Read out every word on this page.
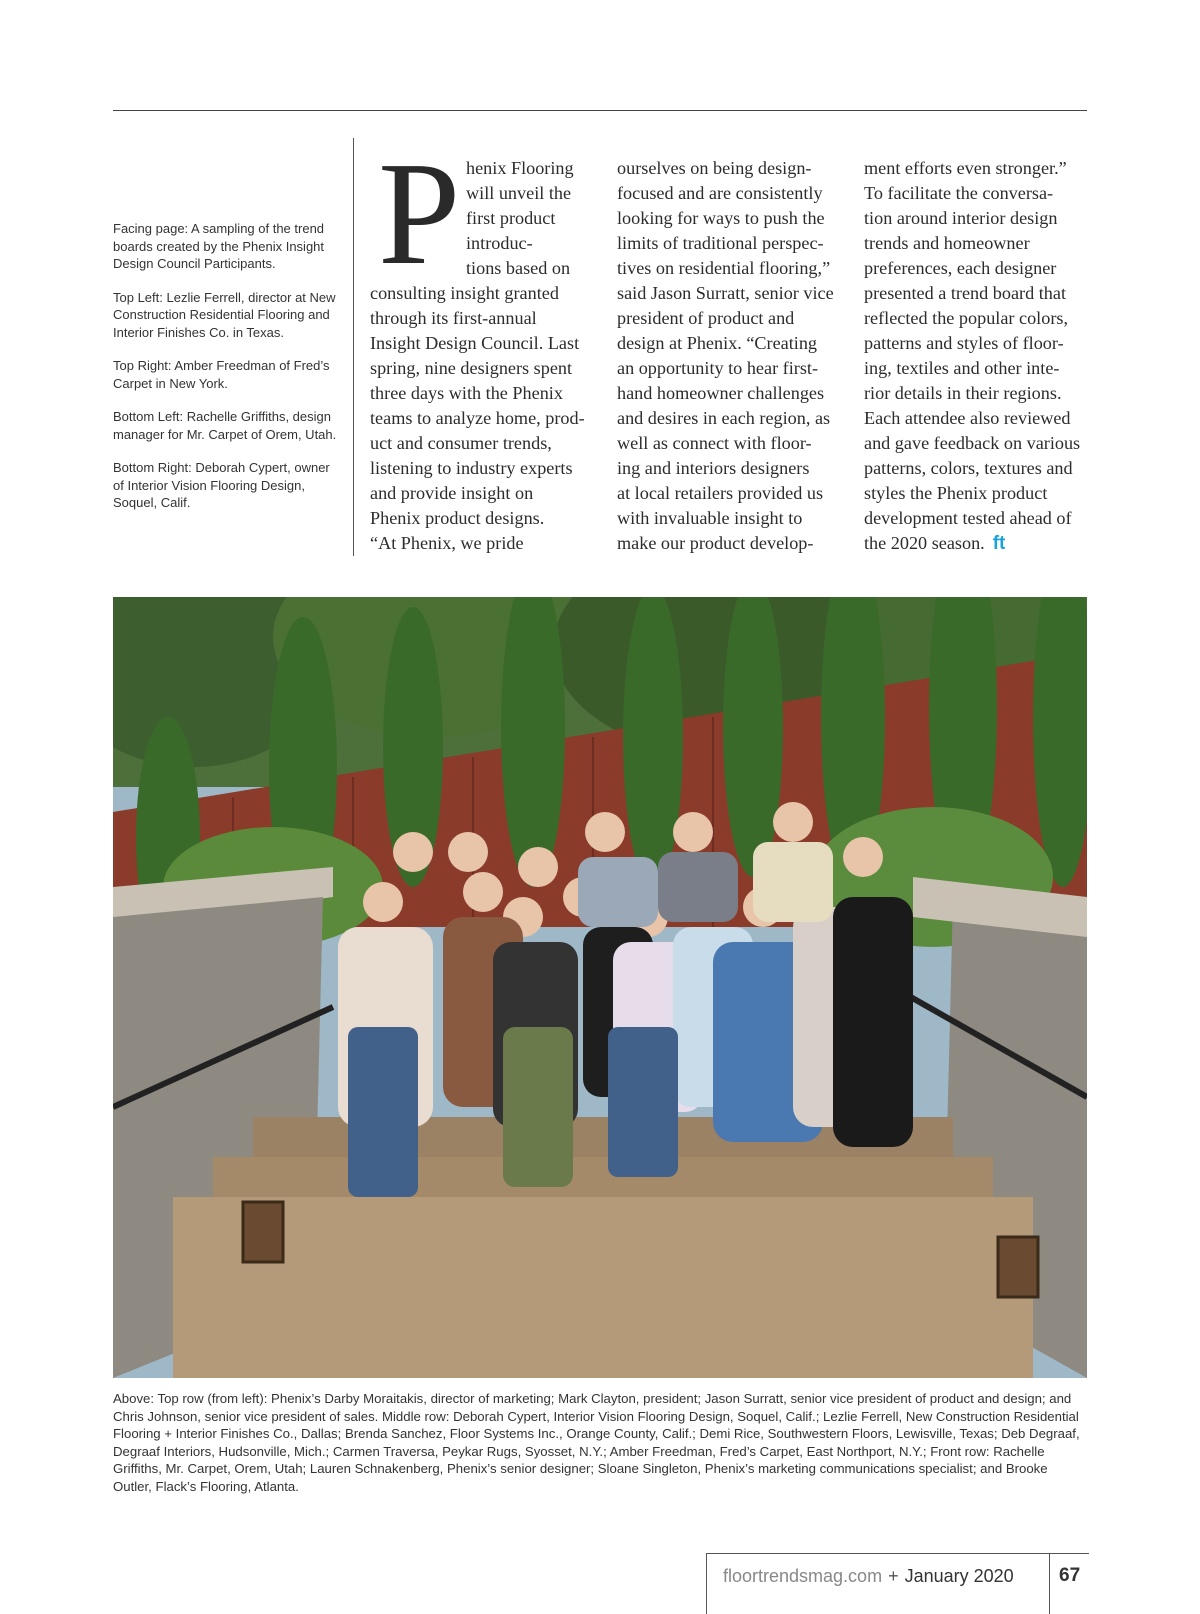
Facing page: A sampling of the trend boards created by the Phenix Insight Design Council Participants.

Top Left: Lezlie Ferrell, director at New Construction Residential Flooring and Interior Finishes Co. in Texas.

Top Right: Amber Freedman of Fred’s Carpet in New York.

Bottom Left: Rachelle Griffiths, design manager for Mr. Carpet of Orem, Utah.

Bottom Right: Deborah Cypert, owner of Interior Vision Flooring Design, Soquel, Calif.

P henix Flooring
will unveil the
first product
introduc-
tions based on
consulting insight granted
through its first-annual
Insight Design Council. Last
spring, nine designers spent
three days with the Phenix
teams to analyze home, prod-
uct and consumer trends,
listening to industry experts
and provide insight on
Phenix product designs.
“At Phenix, we pride
ourselves on being design-
focused and are consistently
looking for ways to push the
limits of traditional perspec-
tives on residential flooring,”
said Jason Surratt, senior vice
president of product and
design at Phenix. “Creating
an opportunity to hear first-
hand homeowner challenges
and desires in each region, as
well as connect with floor-
ing and interiors designers
at local retailers provided us
with invaluable insight to
make our product develop-
ment efforts even stronger.”
To facilitate the conversa-
tion around interior design
trends and homeowner
preferences, each designer
presented a trend board that
reflected the popular colors,
patterns and styles of floor-
ing, textiles and other inte-
rior details in their regions.
Each attendee also reviewed
and gave feedback on various
patterns, colors, textures and
styles the Phenix product
development tested ahead of
the 2020 season. ft
Above: Top row (from left): Phenix’s Darby Moraitakis, director of marketing; Mark Clayton, president; Jason Surratt, senior vice president of product and design; and Chris Johnson, senior vice president of sales. Middle row: Deborah Cypert, Interior Vision Flooring Design, Soquel, Calif.; Lezlie Ferrell, New Construction Residential Flooring + Interior Finishes Co., Dallas; Brenda Sanchez, Floor Systems Inc., Orange County, Calif.; Demi Rice, Southwestern Floors, Lewisville, Texas; Deb Degraaf, Degraaf Interiors, Hudsonville, Mich.; Carmen Traversa, Peykar Rugs, Syosset, N.Y.; Amber Freedman, Fred’s Carpet, East Northport, N.Y.; Front row: Rachelle Griffiths, Mr. Carpet, Orem, Utah; Lauren Schnakenberg, Phenix’s senior designer; Sloane Singleton, Phenix’s marketing communications specialist; and Brooke Outler, Flack’s Flooring, Atlanta.
floortrendsmag.com + January 2020 67
